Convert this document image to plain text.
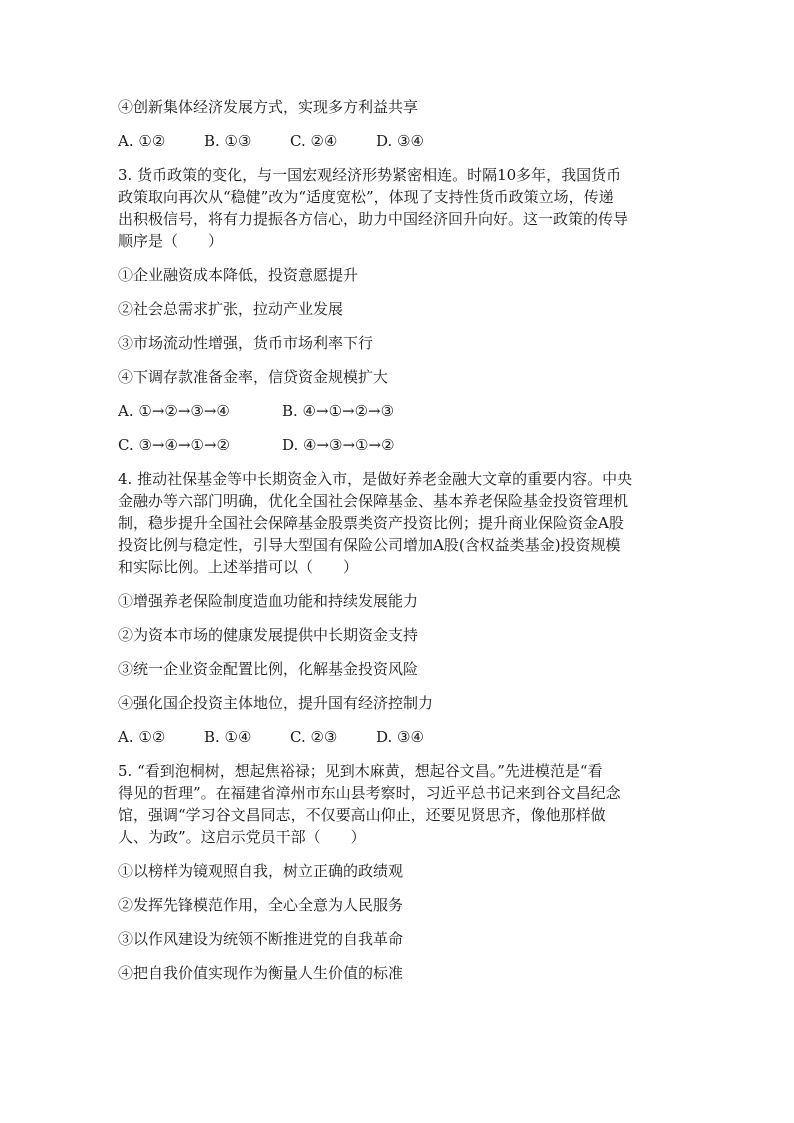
④创新集体经济发展方式，实现多方利益共享

A. ①②	B. ①③	C. ②④	D. ③④

3. 货币政策的变化，与一国宏观经济形势紧密相连。时隔10多年，我国货币

政策取向再次从“稳健”改为“适度宽松”，体现了支持性货币政策立场，传递

出积极信号，将有力提振各方信心，助力中国经济回升向好。这一政策的传导

顺序是（　　）

①企业融资成本降低，投资意愿提升

②社会总需求扩张，拉动产业发展

③市场流动性增强，货币市场利率下行

④下调存款准备金率，信贷资金规模扩大

A. ①→②→③→④	B. ④→①→②→③

C. ③→④→①→②	D. ④→③→①→②

4. 推动社保基金等中长期资金入市，是做好养老金融大文章的重要内容。中央

金融办等六部门明确，优化全国社会保障基金、基本养老保险基金投资管理机

制，稳步提升全国社会保障基金股票类资产投资比例；提升商业保险资金A股

投资比例与稳定性，引导大型国有保险公司增加A股(含权益类基金)投资规模

和实际比例。上述举措可以（　　）

①增强养老保险制度造血功能和持续发展能力

②为资本市场的健康发展提供中长期资金支持

③统一企业资金配置比例，化解基金投资风险

④强化国企投资主体地位，提升国有经济控制力

A. ①②	B. ①④	C. ②③	D. ③④

5. “看到泡桐树，想起焦裕禄；见到木麻黄，想起谷文昌。”先进模范是“看

得见的哲理”。在福建省漳州市东山县考察时，习近平总书记来到谷文昌纪念

馆，强调“学习谷文昌同志，不仅要高山仰止，还要见贤思齐，像他那样做

人、为政”。这启示党员干部（　　）

①以榜样为镜观照自我，树立正确的政绩观

②发挥先锋模范作用，全心全意为人民服务

③以作风建设为统领不断推进党的自我革命

④把自我价值实现作为衡量人生价值的标准
